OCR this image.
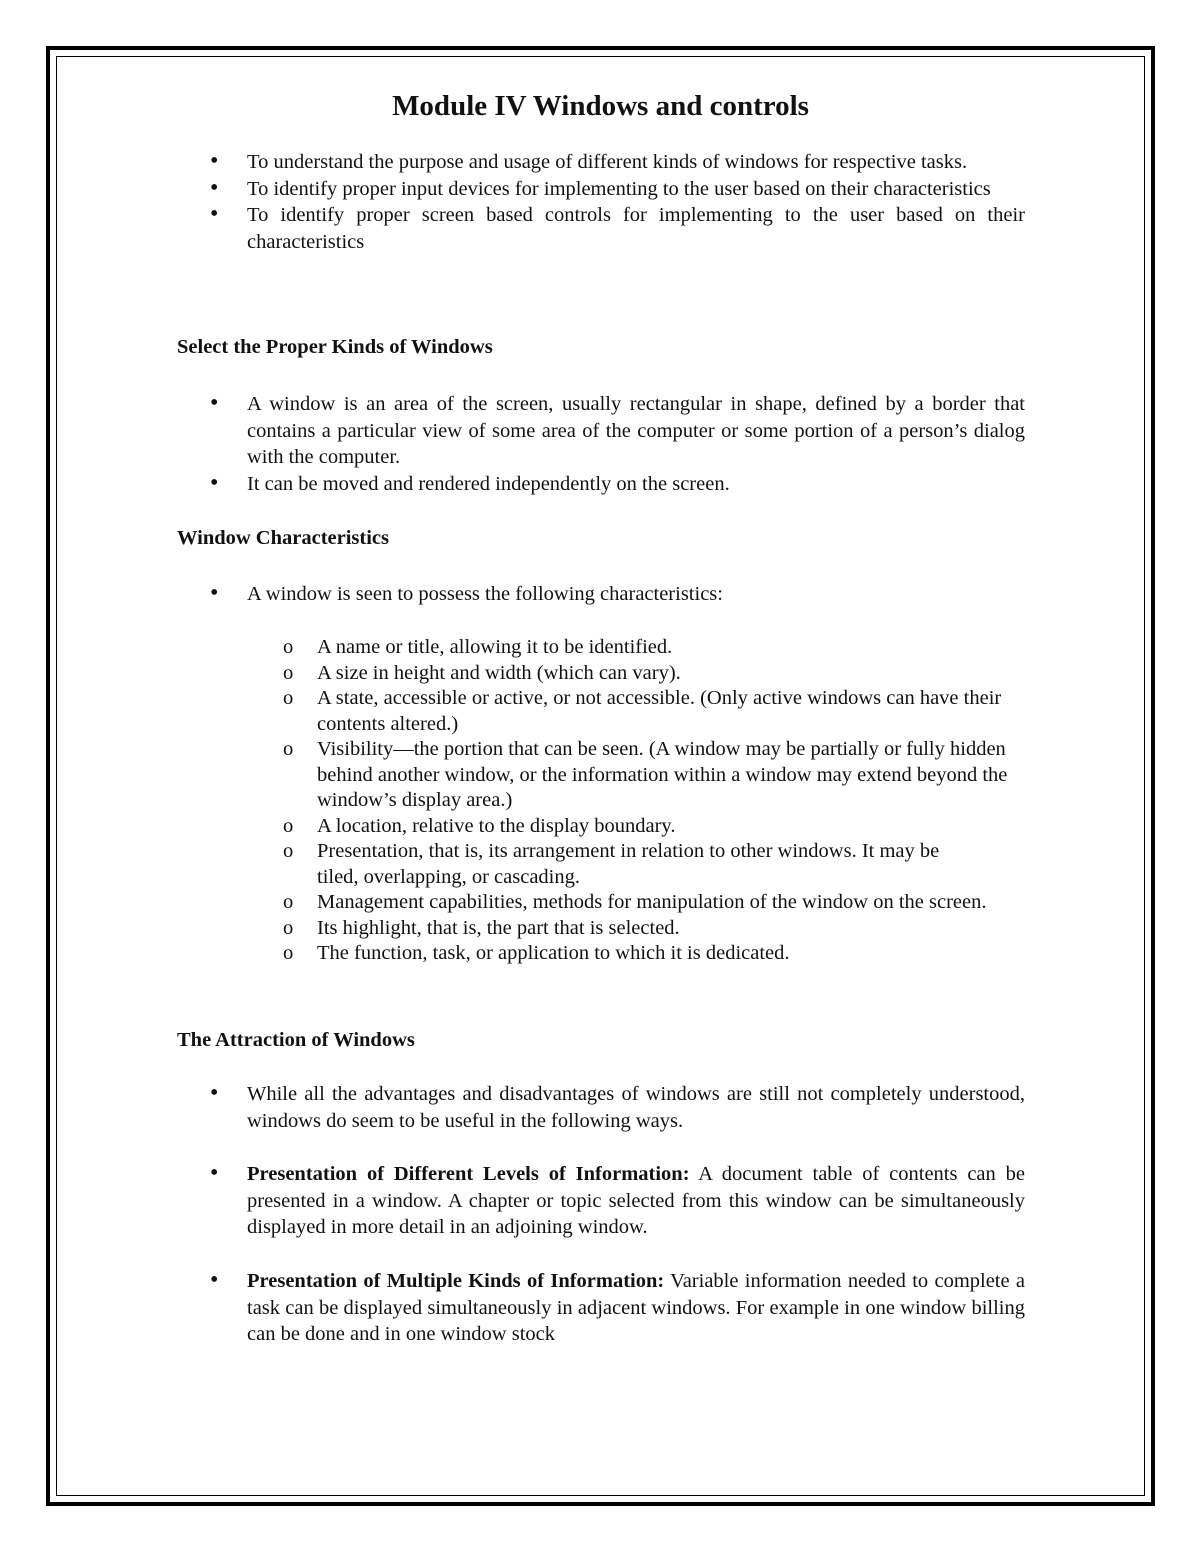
Module IV Windows and controls
• To understand the purpose and usage of different kinds of windows for respective tasks.
• To identify proper input devices for implementing to the user based on their characteristics
• To identify proper screen based controls for implementing to the user based on their characteristics
Select the Proper Kinds of Windows
• A window is an area of the screen, usually rectangular in shape, defined by a border that contains a particular view of some area of the computer or some portion of a person’s dialog with the computer.
• It can be moved and rendered independently on the screen.
Window Characteristics
• A window is seen to possess the following characteristics:
o A name or title, allowing it to be identified.
o A size in height and width (which can vary).
o A state, accessible or active, or not accessible. (Only active windows can have their contents altered.)
o Visibility—the portion that can be seen. (A window may be partially or fully hidden behind another window, or the information within a window may extend beyond the window’s display area.)
o A location, relative to the display boundary.
o Presentation, that is, its arrangement in relation to other windows. It may be tiled, overlapping, or cascading.
o Management capabilities, methods for manipulation of the window on the screen.
o Its highlight, that is, the part that is selected.
o The function, task, or application to which it is dedicated.
The Attraction of Windows
• While all the advantages and disadvantages of windows are still not completely understood, windows do seem to be useful in the following ways.
• Presentation of Different Levels of Information: A document table of contents can be presented in a window. A chapter or topic selected from this window can be simultaneously displayed in more detail in an adjoining window.
• Presentation of Multiple Kinds of Information: Variable information needed to complete a task can be displayed simultaneously in adjacent windows. For example in one window billing can be done and in one window stock
